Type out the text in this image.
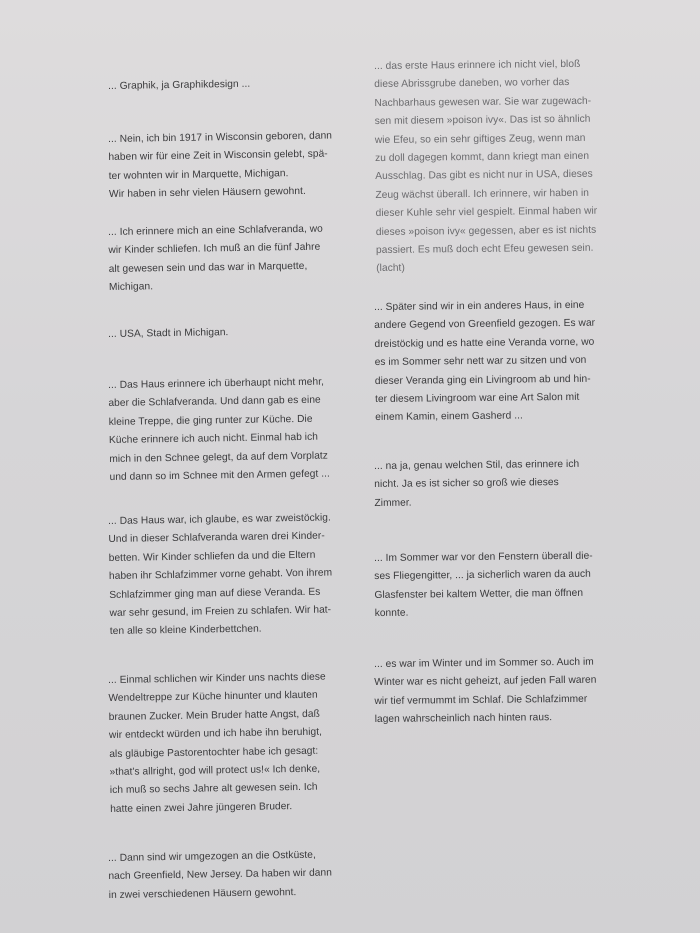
... Graphik, ja Graphikdesign ...

... Nein, ich bin 1917 in Wisconsin geboren, dann
haben wir für eine Zeit in Wisconsin gelebt, spä-
ter wohnten wir in Marquette, Michigan.
Wir haben in sehr vielen Häusern gewohnt.

... Ich erinnere mich an eine Schlafveranda, wo
wir Kinder schliefen. Ich muß an die fünf Jahre
alt gewesen sein und das war in Marquette,
Michigan.

... USA, Stadt in Michigan.

... Das Haus erinnere ich überhaupt nicht mehr,
aber die Schlafveranda. Und dann gab es eine
kleine Treppe, die ging runter zur Küche. Die
Küche erinnere ich auch nicht. Einmal hab ich
mich in den Schnee gelegt, da auf dem Vorplatz
und dann so im Schnee mit den Armen gefegt ...

... Das Haus war, ich glaube, es war zweistöckig.
Und in dieser Schlafveranda waren drei Kinder-
betten. Wir Kinder schliefen da und die Eltern
haben ihr Schlafzimmer vorne gehabt. Von ihrem
Schlafzimmer ging man auf diese Veranda. Es
war sehr gesund, im Freien zu schlafen. Wir hat-
ten alle so kleine Kinderbettchen.

... Einmal schlichen wir Kinder uns nachts diese
Wendeltreppe zur Küche hinunter und klauten
braunen Zucker. Mein Bruder hatte Angst, daß
wir entdeckt würden und ich habe ihn beruhigt,
als gläubige Pastorentochter habe ich gesagt:
»that's allright, god will protect us!« Ich denke,
ich muß so sechs Jahre alt gewesen sein. Ich
hatte einen zwei Jahre jüngeren Bruder.

... Dann sind wir umgezogen an die Ostküste,
nach Greenfield, New Jersey. Da haben wir dann
in zwei verschiedenen Häusern gewohnt.

... das erste Haus erinnere ich nicht viel, bloß
diese Abrissgrube daneben, wo vorher das
Nachbarhaus gewesen war. Sie war zugewach-
sen mit diesem »poison ivy«. Das ist so ähnlich
wie Efeu, so ein sehr giftiges Zeug, wenn man
zu doll dagegen kommt, dann kriegt man einen
Ausschlag. Das gibt es nicht nur in USA, dieses
Zeug wächst überall. Ich erinnere, wir haben in
dieser Kuhle sehr viel gespielt. Einmal haben wir
dieses »poison ivy« gegessen, aber es ist nichts
passiert. Es muß doch echt Efeu gewesen sein.
(lacht)

... Später sind wir in ein anderes Haus, in eine
andere Gegend von Greenfield gezogen. Es war
dreistöckig und es hatte eine Veranda vorne, wo
es im Sommer sehr nett war zu sitzen und von
dieser Veranda ging ein Livingroom ab und hin-
ter diesem Livingroom war eine Art Salon mit
einem Kamin, einem Gasherd ...

... na ja, genau welchen Stil, das erinnere ich
nicht. Ja es ist sicher so groß wie dieses
Zimmer.

... Im Sommer war vor den Fenstern überall die-
ses Fliegengitter, ... ja sicherlich waren da auch
Glasfenster bei kaltem Wetter, die man öffnen
konnte.

... es war im Winter und im Sommer so. Auch im
Winter war es nicht geheizt, auf jeden Fall waren
wir tief vermummt im Schlaf. Die Schlafzimmer
lagen wahrscheinlich nach hinten raus.
